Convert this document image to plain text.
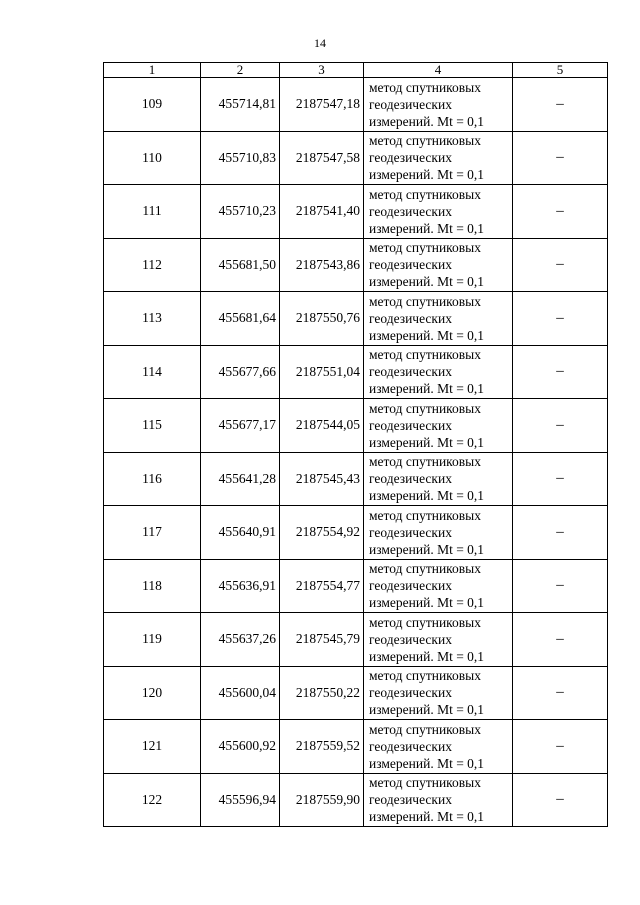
14
1	2	3	4	5
109	455714,81	2187547,18	метод спутниковых
геодезических
измерений. Mt = 0,1	–
110	455710,83	2187547,58	метод спутниковых
геодезических
измерений. Mt = 0,1	–
111	455710,23	2187541,40	метод спутниковых
геодезических
измерений. Mt = 0,1	–
112	455681,50	2187543,86	метод спутниковых
геодезических
измерений. Mt = 0,1	–
113	455681,64	2187550,76	метод спутниковых
геодезических
измерений. Mt = 0,1	–
114	455677,66	2187551,04	метод спутниковых
геодезических
измерений. Mt = 0,1	–
115	455677,17	2187544,05	метод спутниковых
геодезических
измерений. Mt = 0,1	–
116	455641,28	2187545,43	метод спутниковых
геодезических
измерений. Mt = 0,1	–
117	455640,91	2187554,92	метод спутниковых
геодезических
измерений. Mt = 0,1	–
118	455636,91	2187554,77	метод спутниковых
геодезических
измерений. Mt = 0,1	–
119	455637,26	2187545,79	метод спутниковых
геодезических
измерений. Mt = 0,1	–
120	455600,04	2187550,22	метод спутниковых
геодезических
измерений. Mt = 0,1	–
121	455600,92	2187559,52	метод спутниковых
геодезических
измерений. Mt = 0,1	–
122	455596,94	2187559,90	метод спутниковых
геодезических
измерений. Mt = 0,1	–
